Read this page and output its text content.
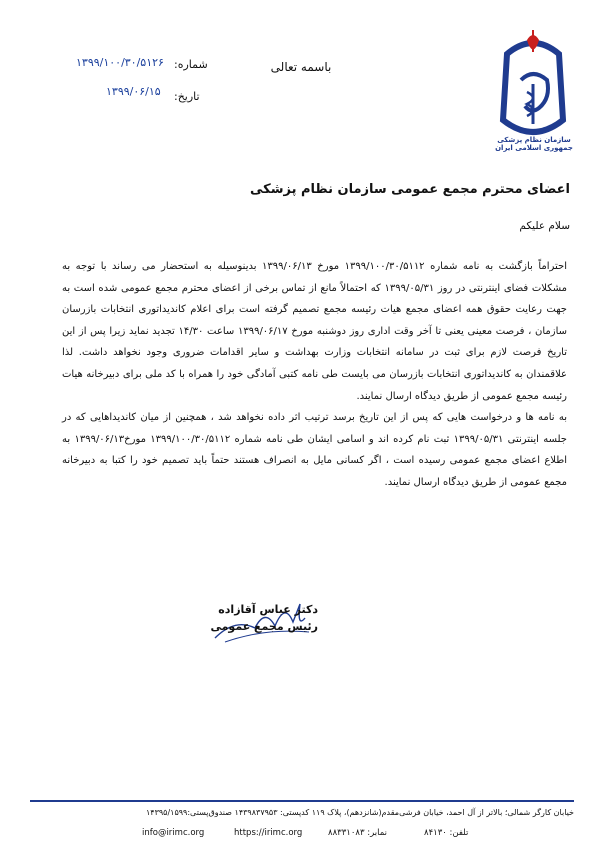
سازمان نظام پزشکی جمهوری اسلامی ایران
باسمه تعالی
شماره:
۱۳۹۹/۱۰۰/۳۰/۵۱۲۶
تاریخ:
۱۳۹۹/۰۶/۱۵
اعضای محترم مجمع عمومی سازمان نظام پزشکی
سلام علیکم

احتراماً بازگشت به نامه شماره ۱۳۹۹/۱۰۰/۳۰/۵۱۱۲ مورخ ۱۳۹۹/۰۶/۱۳ بدینوسیله به استحضار می رساند با توجه به مشکلات فضای اینترنتی در روز ۱۳۹۹/۰۵/۳۱ که احتمالاً مانع از تماس برخی از اعضای محترم مجمع عمومی شده است به جهت رعایت حقوق همه اعضای مجمع هیات رئیسه مجمع تصمیم گرفته است برای اعلام کاندیداتوری انتخابات بازرسان سازمان ، فرصت معینی یعنی تا آخر وقت اداری روز دوشنبه مورخ ۱۳۹۹/۰۶/۱۷ ساعت ۱۴/۳۰ تجدید نماید زیرا پس از این تاریخ فرصت لازم برای ثبت در سامانه انتخابات وزارت بهداشت و سایر اقدامات ضروری وجود نخواهد داشت. لذا علاقمندان به کاندیداتوری انتخابات بازرسان می بایست طی نامه کتبی آمادگی خود را همراه با کد ملی برای دبیرخانه هیات رئیسه مجمع عمومی از طریق دیدگاه ارسال نمایند.

به نامه ها و درخواست هایی که پس از این تاریخ برسد ترتیب اثر داده نخواهد شد ، همچنین از میان کاندیداهایی که در جلسه اینترنتی ۱۳۹۹/۰۵/۳۱ ثبت نام کرده اند و اسامی ایشان طی نامه شماره ۱۳۹۹/۱۰۰/۳۰/۵۱۱۲ مورخ۱۳۹۹/۰۶/۱۳ به اطلاع اعضای مجمع عمومی رسیده است ، اگر کسانی مایل به انصراف هستند حتماً باید تصمیم خود را کتبا به دبیرخانه مجمع عمومی از طریق دیدگاه ارسال نمایند.

دکتر عباس آقازاده
رئیس مجمع عمومی
خیابان کارگر شمالی؛ بالاتر از آل احمد، خیابان فرشی‌مقدم(شانزدهم)، پلاک ۱۱۹ کدپستی: ۱۴۳۹۸۳۷۹۵۳ صندوق‌پستی:۱۴۳۹۵/۱۵۹۹
info@irimc.org	https://irimc.org	نمابر: ۸۸۳۳۱۰۸۳	تلفن: ۸۴۱۳۰
